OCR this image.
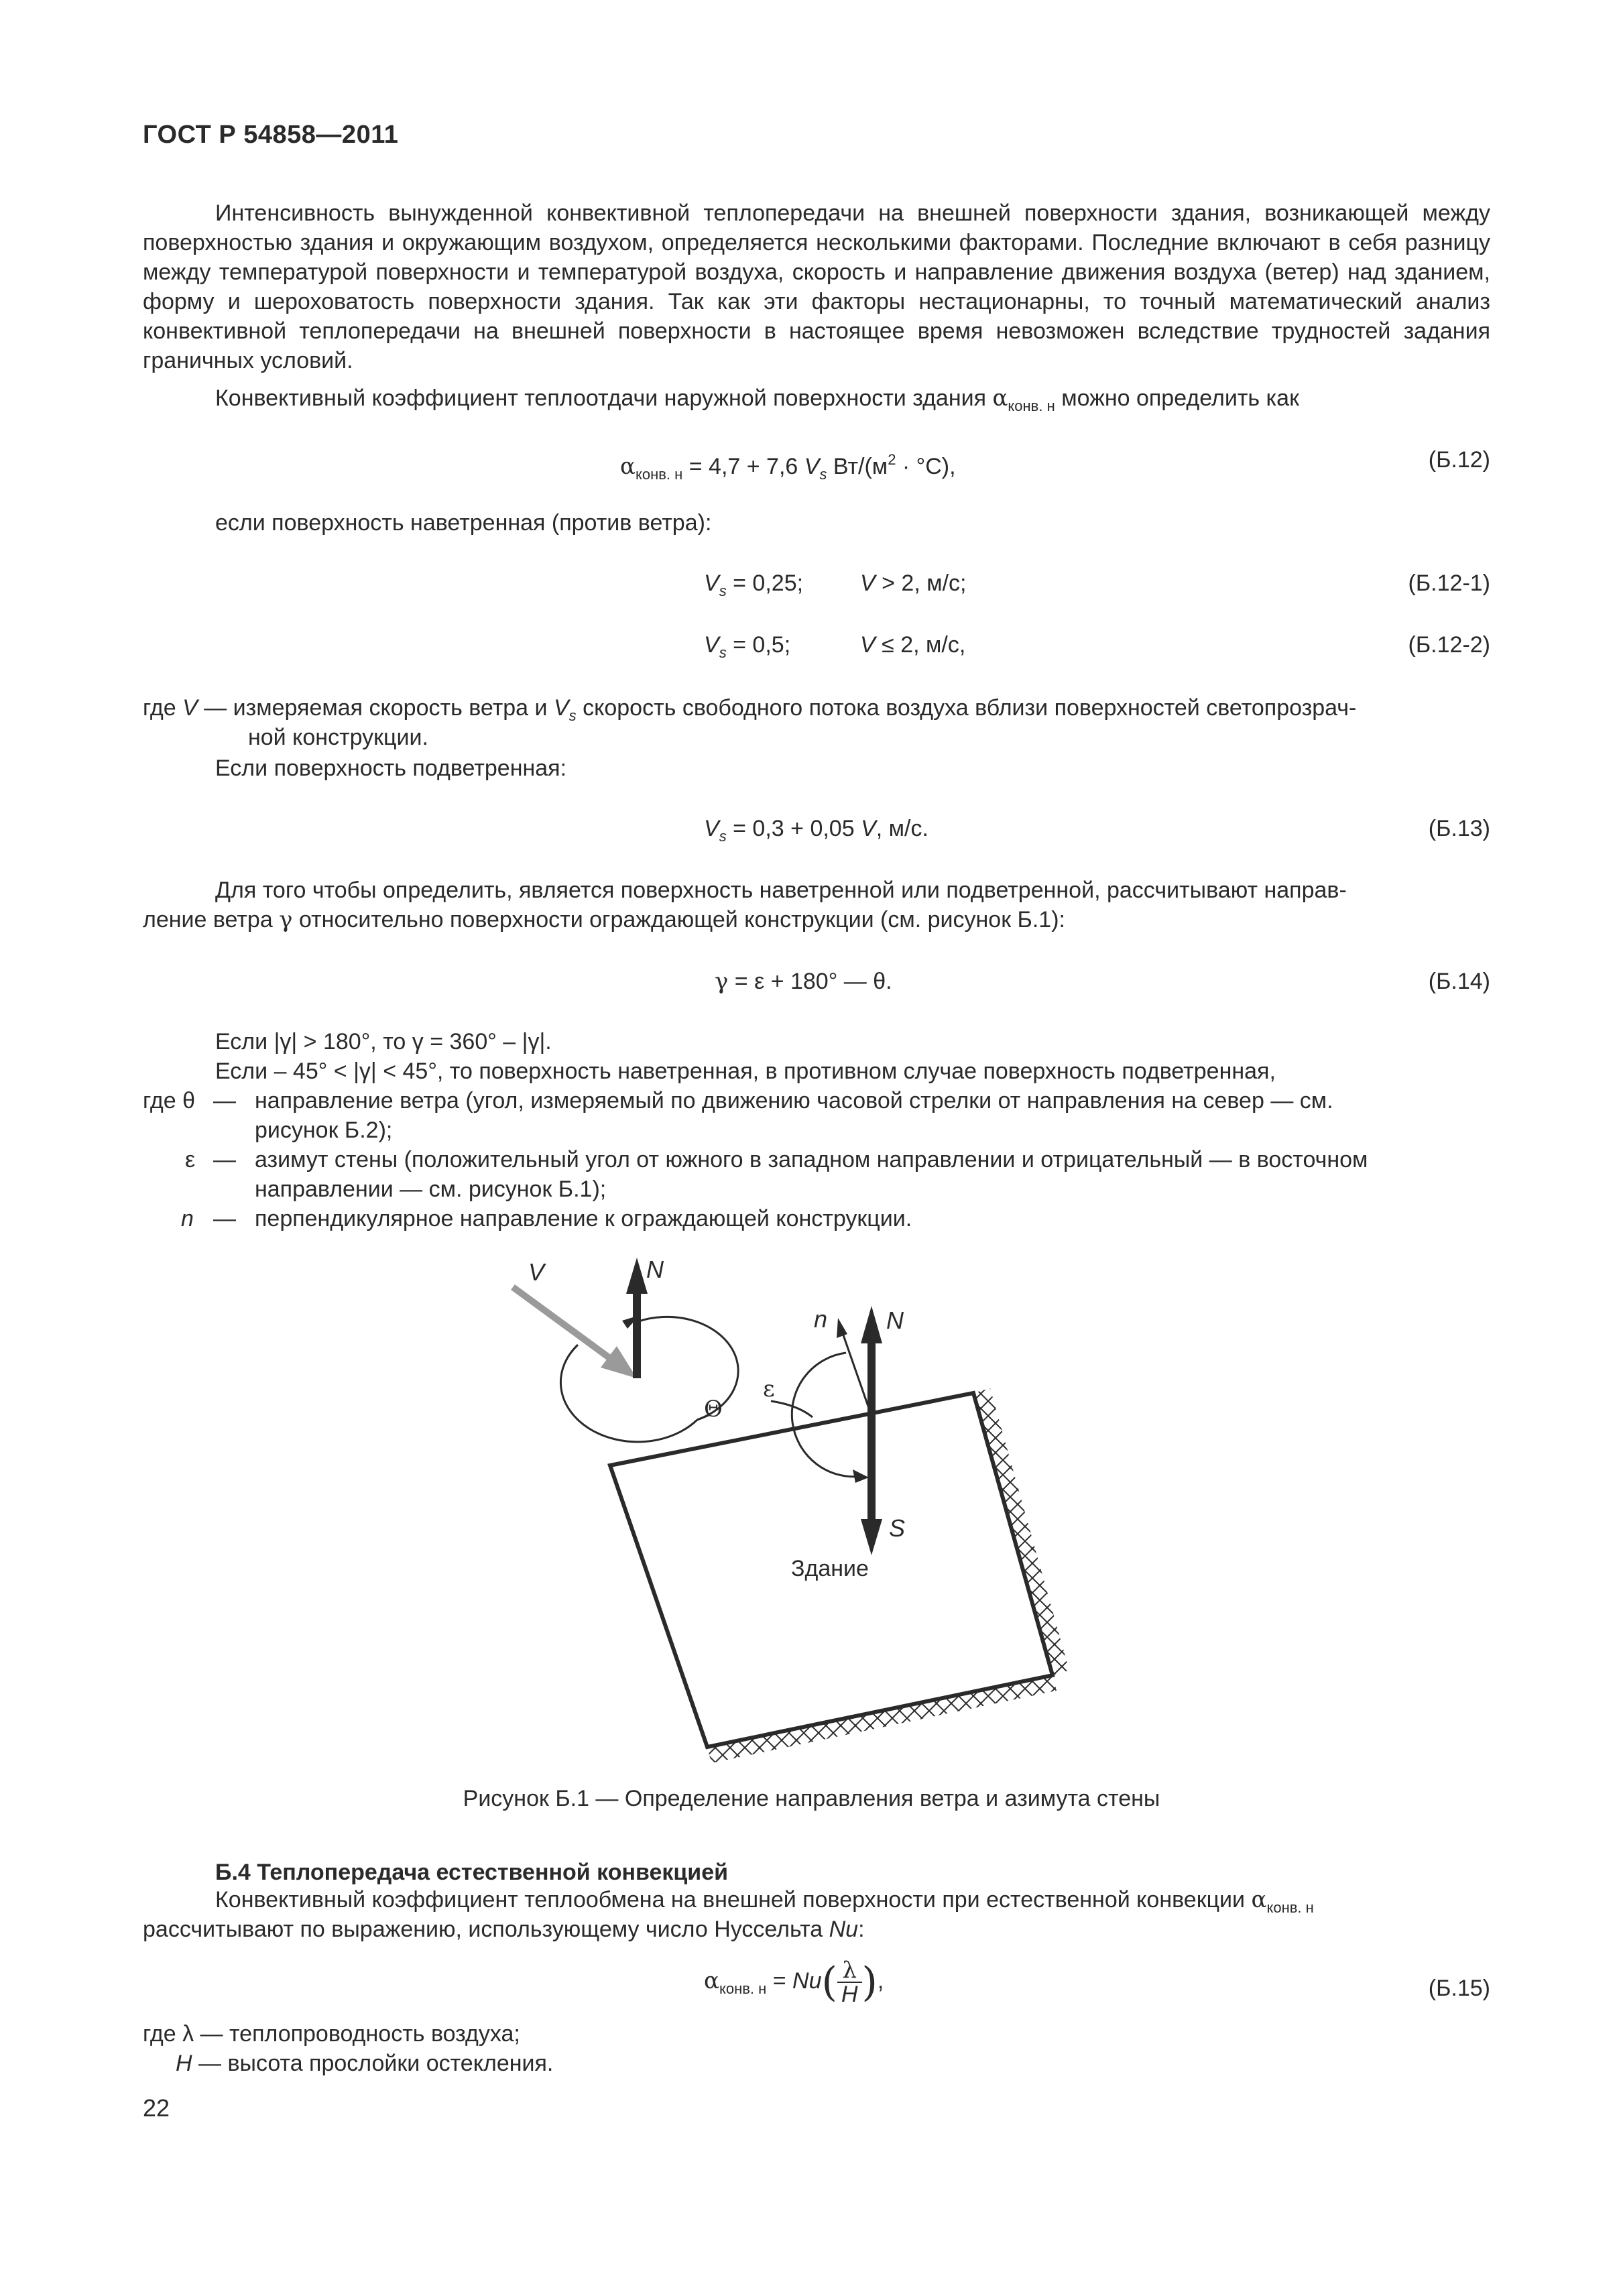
ГОСТ Р 54858—2011
Интенсивность вынужденной конвективной теплопередачи на внешней поверхности здания, возникающей между поверхностью здания и окружающим воздухом, определяется несколькими факторами. Последние включают в себя разницу между температурой поверхности и температурой воздуха, скорость и направление движения воздуха (ветер) над зданием, форму и шероховатость поверхности здания. Так как эти факторы нестационарны, то точный математический анализ конвективной теплопередачи на внешней поверхности в настоящее время невозможен вследствие трудностей задания граничных условий.
Конвективный коэффициент теплоотдачи наружной поверхности здания $\alpha_{конв. н}$ можно определить как
$\alpha_{конв. н} = 4,7 + 7,6$ $V_s$ $Вт/(м^2 \cdot ^\circ С)$,	(Б.12)
если поверхность наветренная (против ветра):
$V_s = 0,25$; V > 2, м/с;	(Б.12-1)
$V_s = 0,5$;	V ≤ 2, м/с,	(Б.12-2)
где V — измеряемая скорость ветра и $V_s$ скорость свободного потока воздуха вблизи поверхностей светопрозрач-
ной конструкции.
Если поверхность подветренная:
$V_s = 0,3 + 0,05$ V, м/с.	(Б.13)
Для того чтобы определить, является поверхность наветренной или подветренной, рассчитывают направ-
ление ветра γ относительно поверхности ограждающей конструкции (см. рисунок Б.1):
γ = ε + 180° — θ.	(Б.14)
Если |γ| > 180°, то γ = 360° – |γ|.
Если – 45° < |γ| < 45°, то поверхность наветренная, в противном случае поверхность подветренная,
где θ — направление ветра (угол, измеряемый по движению часовой стрелки от направления на север — см.
рисунок Б.2);
ε — азимут стены (положительный угол от южного в западном направлении и отрицательный — в восточном
направлении — см. рисунок Б.1);
n — перпендикулярное направление к ограждающей конструкции.
V	N
Θ
n N
ε
S
Здание
Рисунок Б.1 — Определение направления ветра и азимута стены
Б.4 Теплопередача естественной конвекцией
Конвективный коэффициент теплообмена на внешней поверхности при естественной конвекции $\alpha_{конв. н}$
рассчитывают по выражению, использующему число Нуссельта Nu:
$\alpha_{конв. н} = Nu( \frac{\lambda}{H}$ ),	(Б.15)
где λ — теплопроводность воздуха;
H — высота прослойки остекления.
22
